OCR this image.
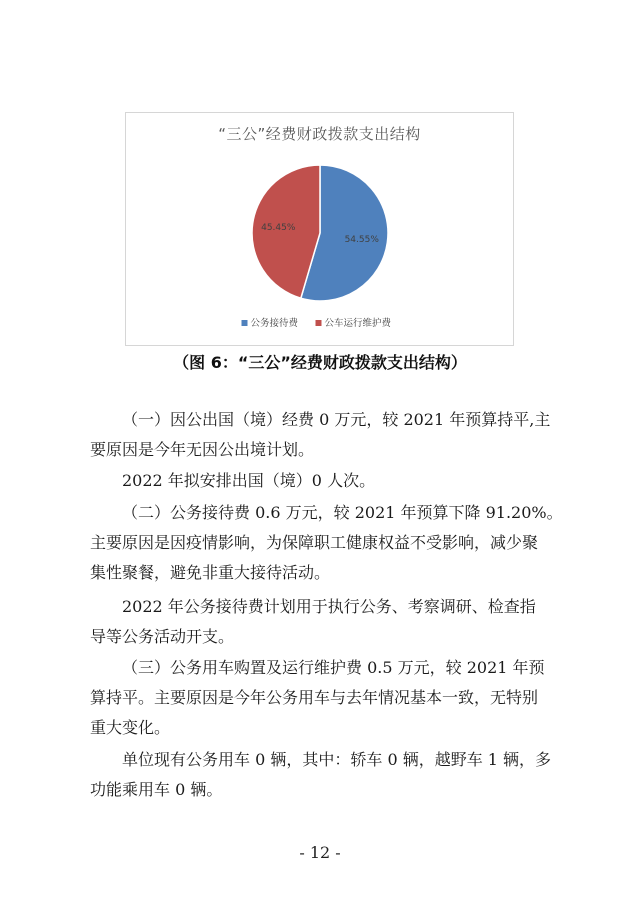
“三公”经费财政拨款支出结构
54.55%
45.45%
公务接待费	公车运行维护费
（图 6：“三公”经费财政拨款支出结构）
（一）因公出国（境）经费 0 万元，较 2021 年预算持平,主
要原因是今年无因公出境计划。
2022 年拟安排出国（境）0 人次。
（二）公务接待费 0.6 万元，较 2021 年预算下降 91.20%。
主要原因是因疫情影响，为保障职工健康权益不受影响，减少聚
集性聚餐，避免非重大接待活动。
2022 年公务接待费计划用于执行公务、考察调研、检查指
导等公务活动开支。
（三）公务用车购置及运行维护费 0.5 万元，较 2021 年预
算持平。主要原因是今年公务用车与去年情况基本一致，无特别
重大变化。
单位现有公务用车 0 辆，其中：轿车 0 辆，越野车 1 辆，多
功能乘用车 0 辆。
- 12 -
